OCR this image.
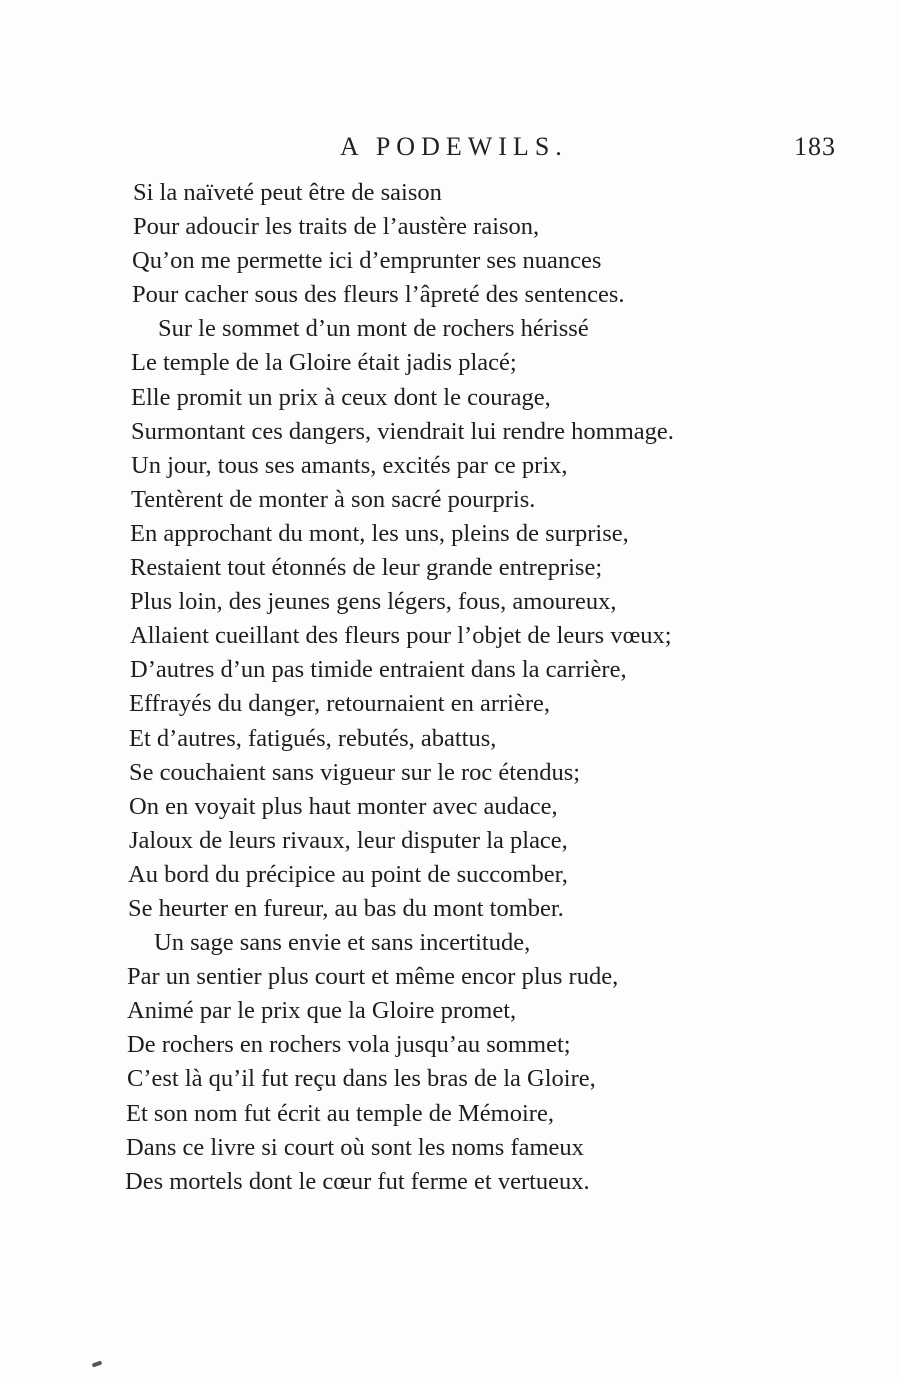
A PODEWILS.	183
Si la naïveté peut être de saison
Pour adoucir les traits de l’austère raison,
Qu’on me permette ici d’emprunter ses nuances
Pour cacher sous des fleurs l’âpreté des sentences.
Sur le sommet d’un mont de rochers hérissé
Le temple de la Gloire était jadis placé;
Elle promit un prix à ceux dont le courage,
Surmontant ces dangers, viendrait lui rendre hommage.
Un jour, tous ses amants, excités par ce prix,
Tentèrent de monter à son sacré pourpris.
En approchant du mont, les uns, pleins de surprise,
Restaient tout étonnés de leur grande entreprise;
Plus loin, des jeunes gens légers, fous, amoureux,
Allaient cueillant des fleurs pour l’objet de leurs vœux;
D’autres d’un pas timide entraient dans la carrière,
Effrayés du danger, retournaient en arrière,
Et d’autres, fatigués, rebutés, abattus,
Se couchaient sans vigueur sur le roc étendus;
On en voyait plus haut monter avec audace,
Jaloux de leurs rivaux, leur disputer la place,
Au bord du précipice au point de succomber,
Se heurter en fureur, au bas du mont tomber.
Un sage sans envie et sans incertitude,
Par un sentier plus court et même encor plus rude,
Animé par le prix que la Gloire promet,
De rochers en rochers vola jusqu’au sommet;
C’est là qu’il fut reçu dans les bras de la Gloire,
Et son nom fut écrit au temple de Mémoire,
Dans ce livre si court où sont les noms fameux
Des mortels dont le cœur fut ferme et vertueux.
